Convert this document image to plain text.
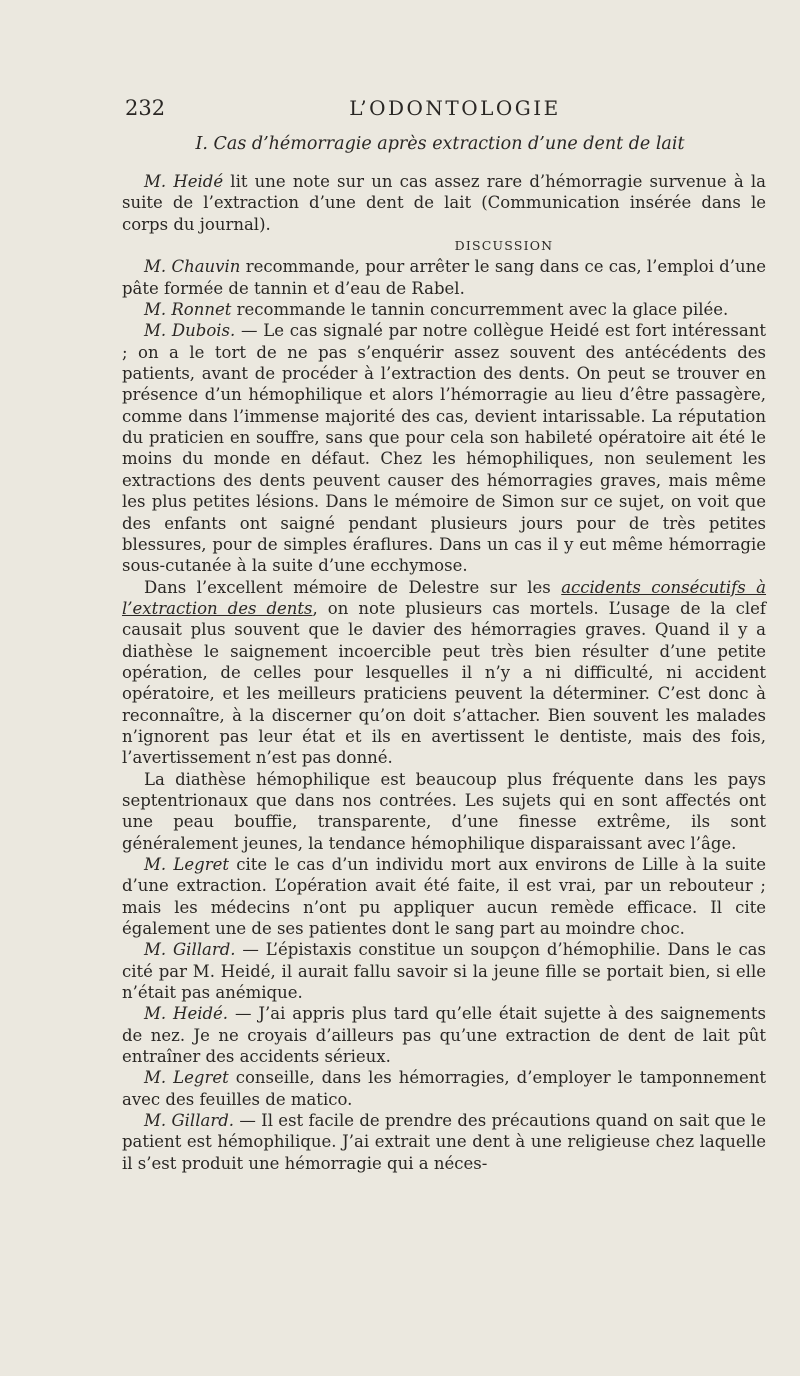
232	L’ODONTOLOGIE
I. Cas d’hémorragie après extraction d’une dent de lait

M. Heidé lit une note sur un cas assez rare d’hémorragie survenue à la suite de l’extraction d’une dent de lait (Communication insérée dans le corps du journal).

DISCUSSION

M. Chauvin recommande, pour arrêter le sang dans ce cas, l’emploi d’une pâte formée de tannin et d’eau de Rabel.

M. Ronnet recommande le tannin concurremment avec la glace pilée.

M. Dubois. — Le cas signalé par notre collègue Heidé est fort intéressant ; on a le tort de ne pas s’enquérir assez souvent des antécédents des patients, avant de procéder à l’extraction des dents. On peut se trouver en présence d’un hémophilique et alors l’hémorragie au lieu d’être passagère, comme dans l’immense majorité des cas, devient intarissable. La réputation du praticien en souffre, sans que pour cela son habileté opératoire ait été le moins du monde en défaut. Chez les hémophiliques, non seulement les extractions des dents peuvent causer des hémorragies graves, mais même les plus petites lésions. Dans le mémoire de Simon sur ce sujet, on voit que des enfants ont saigné pendant plusieurs jours pour de très petites blessures, pour de simples éraflures. Dans un cas il y eut même hémorragie sous-cutanée à la suite d’une ecchymose.

Dans l’excellent mémoire de Delestre sur les accidents consécutifs à l’extraction des dents, on note plusieurs cas mortels. L’usage de la clef causait plus souvent que le davier des hémorragies graves. Quand il y a diathèse le saignement incoercible peut très bien résulter d’une petite opération, de celles pour lesquelles il n’y a ni difficulté, ni accident opératoire, et les meilleurs praticiens peuvent la déterminer. C’est donc à reconnaître, à la discerner qu’on doit s’attacher. Bien souvent les malades n’ignorent pas leur état et ils en avertissent le dentiste, mais des fois, l’avertissement n’est pas donné.

La diathèse hémophilique est beaucoup plus fréquente dans les pays septentrionaux que dans nos contrées. Les sujets qui en sont affectés ont une peau bouffie, transparente, d’une finesse extrême, ils sont généralement jeunes, la tendance hémophilique disparaissant avec l’âge.

M. Legret cite le cas d’un individu mort aux environs de Lille à la suite d’une extraction. L’opération avait été faite, il est vrai, par un rebouteur ; mais les médecins n’ont pu appliquer aucun remède efficace. Il cite également une de ses patientes dont le sang part au moindre choc.

M. Gillard. — L’épistaxis constitue un soupçon d’hémophilie. Dans le cas cité par M. Heidé, il aurait fallu savoir si la jeune fille se portait bien, si elle n’était pas anémique.

M. Heidé. — J’ai appris plus tard qu’elle était sujette à des saignements de nez. Je ne croyais d’ailleurs pas qu’une extraction de dent de lait pût entraîner des accidents sérieux.

M. Legret conseille, dans les hémorragies, d’employer le tamponnement avec des feuilles de matico.

M. Gillard. — Il est facile de prendre des précautions quand on sait que le patient est hémophilique. J’ai extrait une dent à une religieuse chez laquelle il s’est produit une hémorragie qui a néces-
